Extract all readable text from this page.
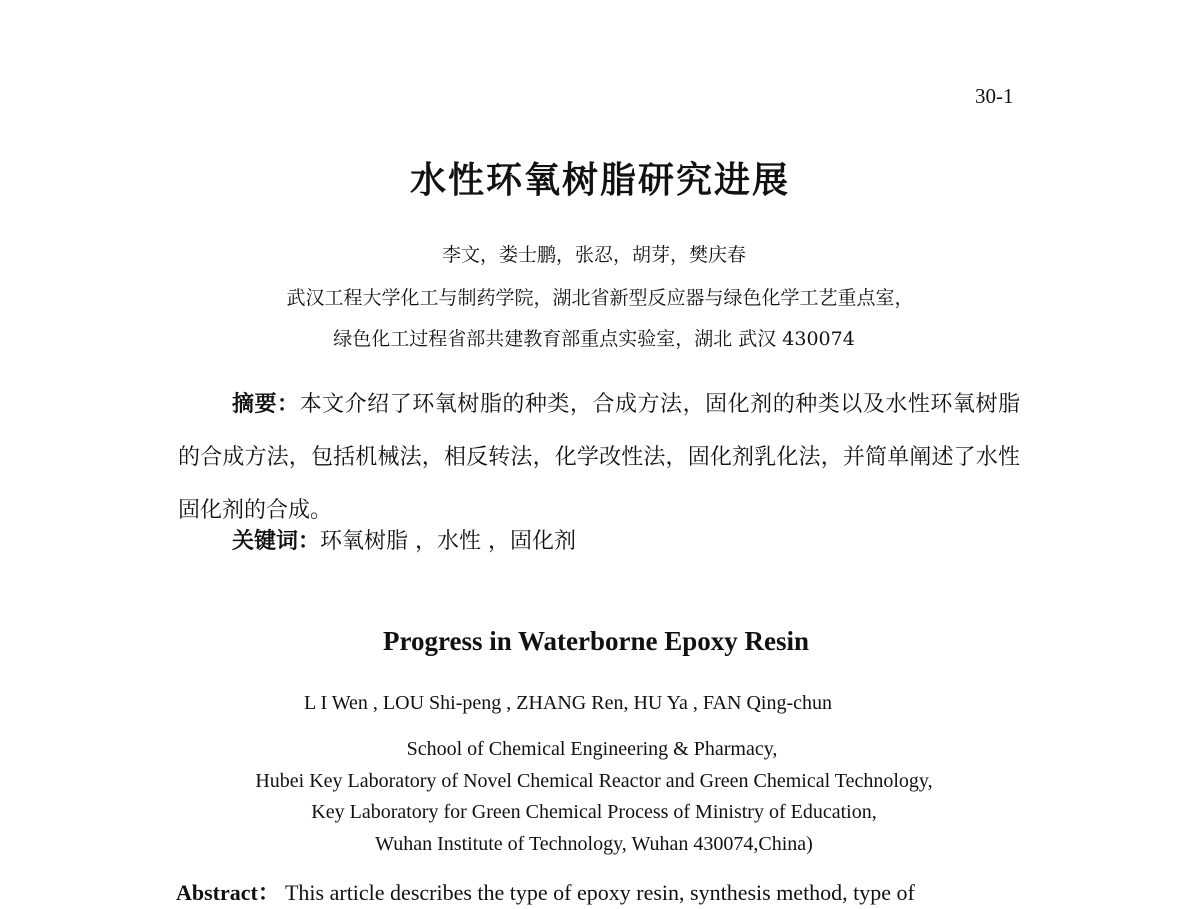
30-1
水性环氧树脂研究进展
李文，娄士鹏，张忍，胡芽，樊庆春
武汉工程大学化工与制药学院，湖北省新型反应器与绿色化学工艺重点室，
绿色化工过程省部共建教育部重点实验室，湖北 武汉 430074
摘要：本文介绍了环氧树脂的种类，合成方法，固化剂的种类以及水性环氧树脂的合成方法，包括机械法，相反转法，化学改性法，固化剂乳化法，并简单阐述了水性固化剂的合成。
关键词：环氧树脂 ，水性 ，固化剂
Progress in Waterborne Epoxy Resin
L I Wen , LOU Shi-peng , ZHANG Ren, HU Ya , FAN Qing-chun
School of Chemical Engineering & Pharmacy,
Hubei Key Laboratory of Novel Chemical Reactor and Green Chemical Technology,
Key Laboratory for Green Chemical Process of Ministry of Education,
Wuhan Institute of Technology, Wuhan 430074,China)
Abstract： This article describes the type of epoxy resin, synthesis method, type of
